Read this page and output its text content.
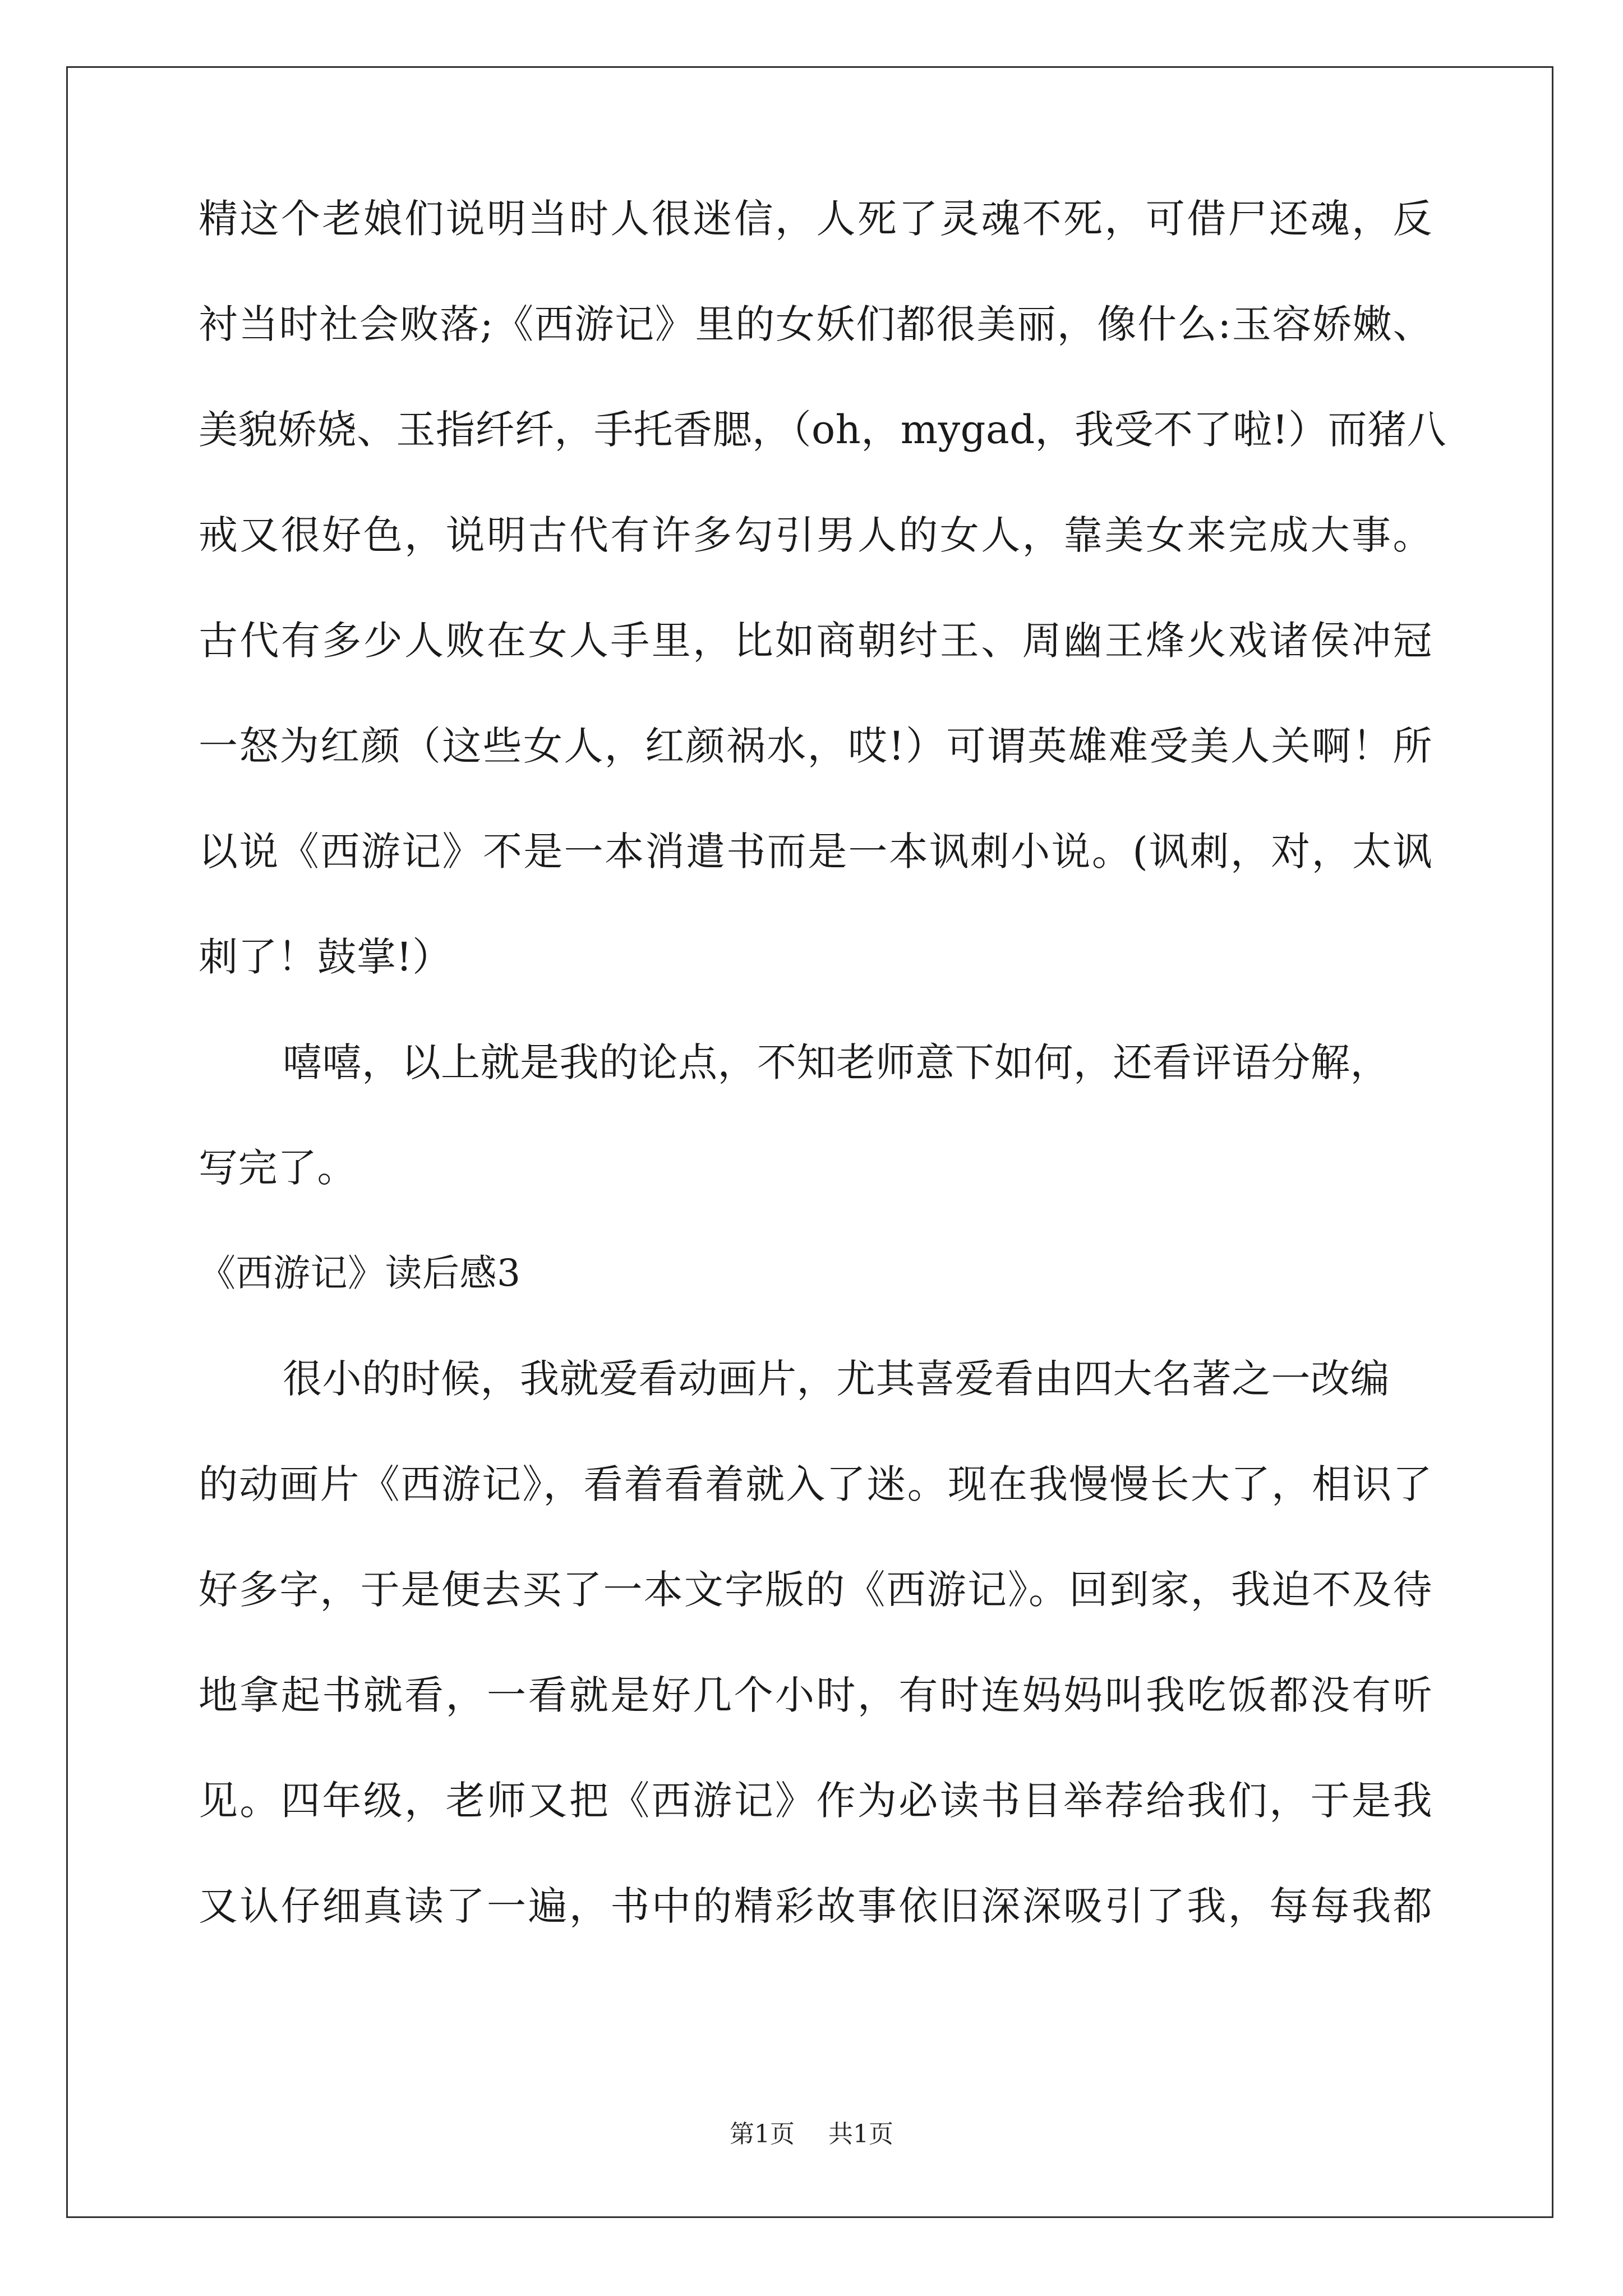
精这个老娘们说明当时人很迷信，人死了灵魂不死，可借尸还魂，反
衬当时社会败落;《西游记》里的女妖们都很美丽，像什么:玉容娇嫩、
美貌娇娆、玉指纤纤，手托香腮，（oh，mygad，我受不了啦!）而猪八
戒又很好色，说明古代有许多勾引男人的女人，靠美女来完成大事。
古代有多少人败在女人手里，比如商朝纣王、周幽王烽火戏诸侯冲冠
一怒为红颜（这些女人，红颜祸水，哎!）可谓英雄难受美人关啊！所
以说《西游记》不是一本消遣书而是一本讽刺小说。(讽刺，对，太讽
刺了！鼓掌!）
嘻嘻，以上就是我的论点，不知老师意下如何，还看评语分解，
写完了。
《西游记》读后感3
很小的时候，我就爱看动画片，尤其喜爱看由四大名著之一改编
的动画片《西游记》，看着看着就入了迷。现在我慢慢长大了，相识了
好多字，于是便去买了一本文字版的《西游记》。回到家，我迫不及待
地拿起书就看，一看就是好几个小时，有时连妈妈叫我吃饭都没有听
见。四年级，老师又把《西游记》作为必读书目举荐给我们，于是我
又认仔细真读了一遍，书中的精彩故事依旧深深吸引了我，每每我都
第1页 共1页
